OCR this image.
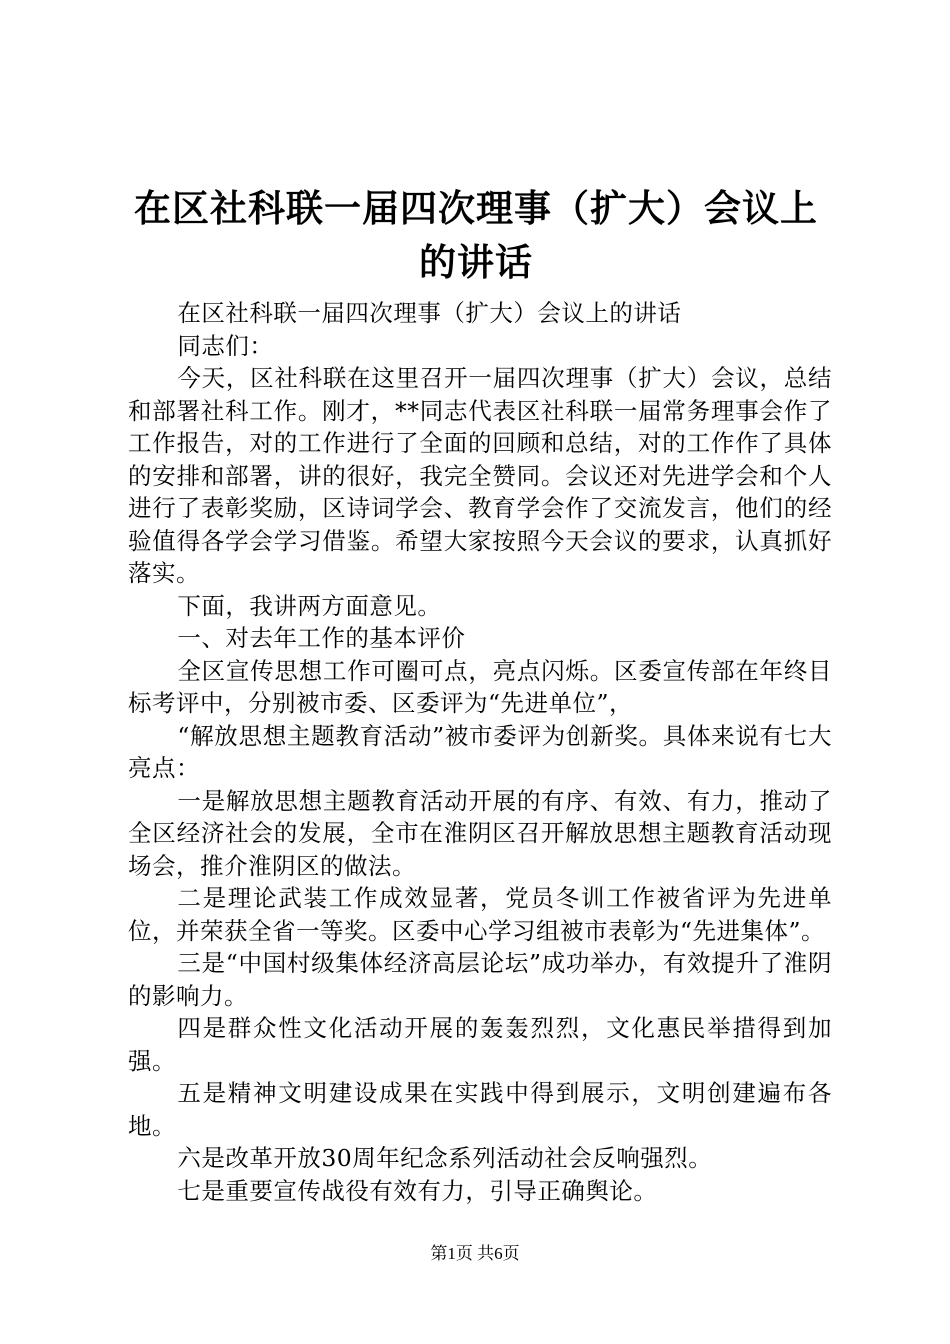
在区社科联一届四次理事（扩大）会议上的讲话

在区社科联一届四次理事（扩大）会议上的讲话

同志们：

今天，区社科联在这里召开一届四次理事（扩大）会议，总结和部署社科工作。刚才，**同志代表区社科联一届常务理事会作了工作报告，对的工作进行了全面的回顾和总结，对的工作作了具体的安排和部署，讲的很好，我完全赞同。会议还对先进学会和个人进行了表彰奖励，区诗词学会、教育学会作了交流发言，他们的经验值得各学会学习借鉴。希望大家按照今天会议的要求，认真抓好落实。

下面，我讲两方面意见。

一、对去年工作的基本评价

全区宣传思想工作可圈可点，亮点闪烁。区委宣传部在年终目标考评中，分别被市委、区委评为“先进单位”，

“解放思想主题教育活动”被市委评为创新奖。具体来说有七大亮点：

一是解放思想主题教育活动开展的有序、有效、有力，推动了全区经济社会的发展，全市在淮阴区召开解放思想主题教育活动现场会，推介淮阴区的做法。

二是理论武装工作成效显著，党员冬训工作被省评为先进单位，并荣获全省一等奖。区委中心学习组被市表彰为“先进集体”。

三是“中国村级集体经济高层论坛”成功举办，有效提升了淮阴的影响力。

四是群众性文化活动开展的轰轰烈烈，文化惠民举措得到加强。

五是精神文明建设成果在实践中得到展示，文明创建遍布各地。

六是改革开放30周年纪念系列活动社会反响强烈。

七是重要宣传战役有效有力，引导正确舆论。

第1页 共6页
